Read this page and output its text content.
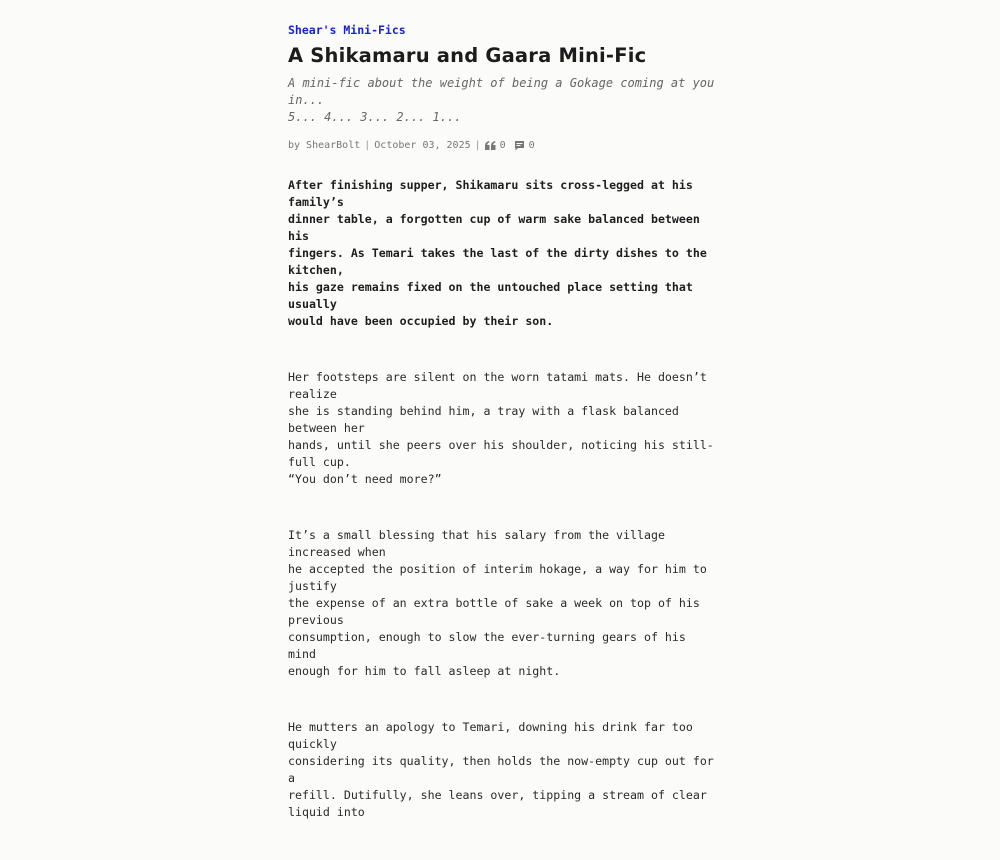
Shear's Mini-Fics
A Shikamaru and Gaara Mini-Fic
A mini-fic about the weight of being a Gokage coming at you in...
5... 4... 3... 2... 1...
by ShearBolt | October 03, 2025 | 0 0
After finishing supper, Shikamaru sits cross-legged at his family’s
dinner table, a forgotten cup of warm sake balanced between his
fingers. As Temari takes the last of the dirty dishes to the kitchen,
his gaze remains fixed on the untouched place setting that usually
would have been occupied by their son.
Her footsteps are silent on the worn tatami mats. He doesn’t realize
she is standing behind him, a tray with a flask balanced between her
hands, until she peers over his shoulder, noticing his still-full cup.
“You don’t need more?”
It’s a small blessing that his salary from the village increased when
he accepted the position of interim hokage, a way for him to justify
the expense of an extra bottle of sake a week on top of his previous
consumption, enough to slow the ever-turning gears of his mind
enough for him to fall asleep at night.
He mutters an apology to Temari, downing his drink far too quickly
considering its quality, then holds the now-empty cup out for a
refill. Dutifully, she leans over, tipping a stream of clear liquid into
